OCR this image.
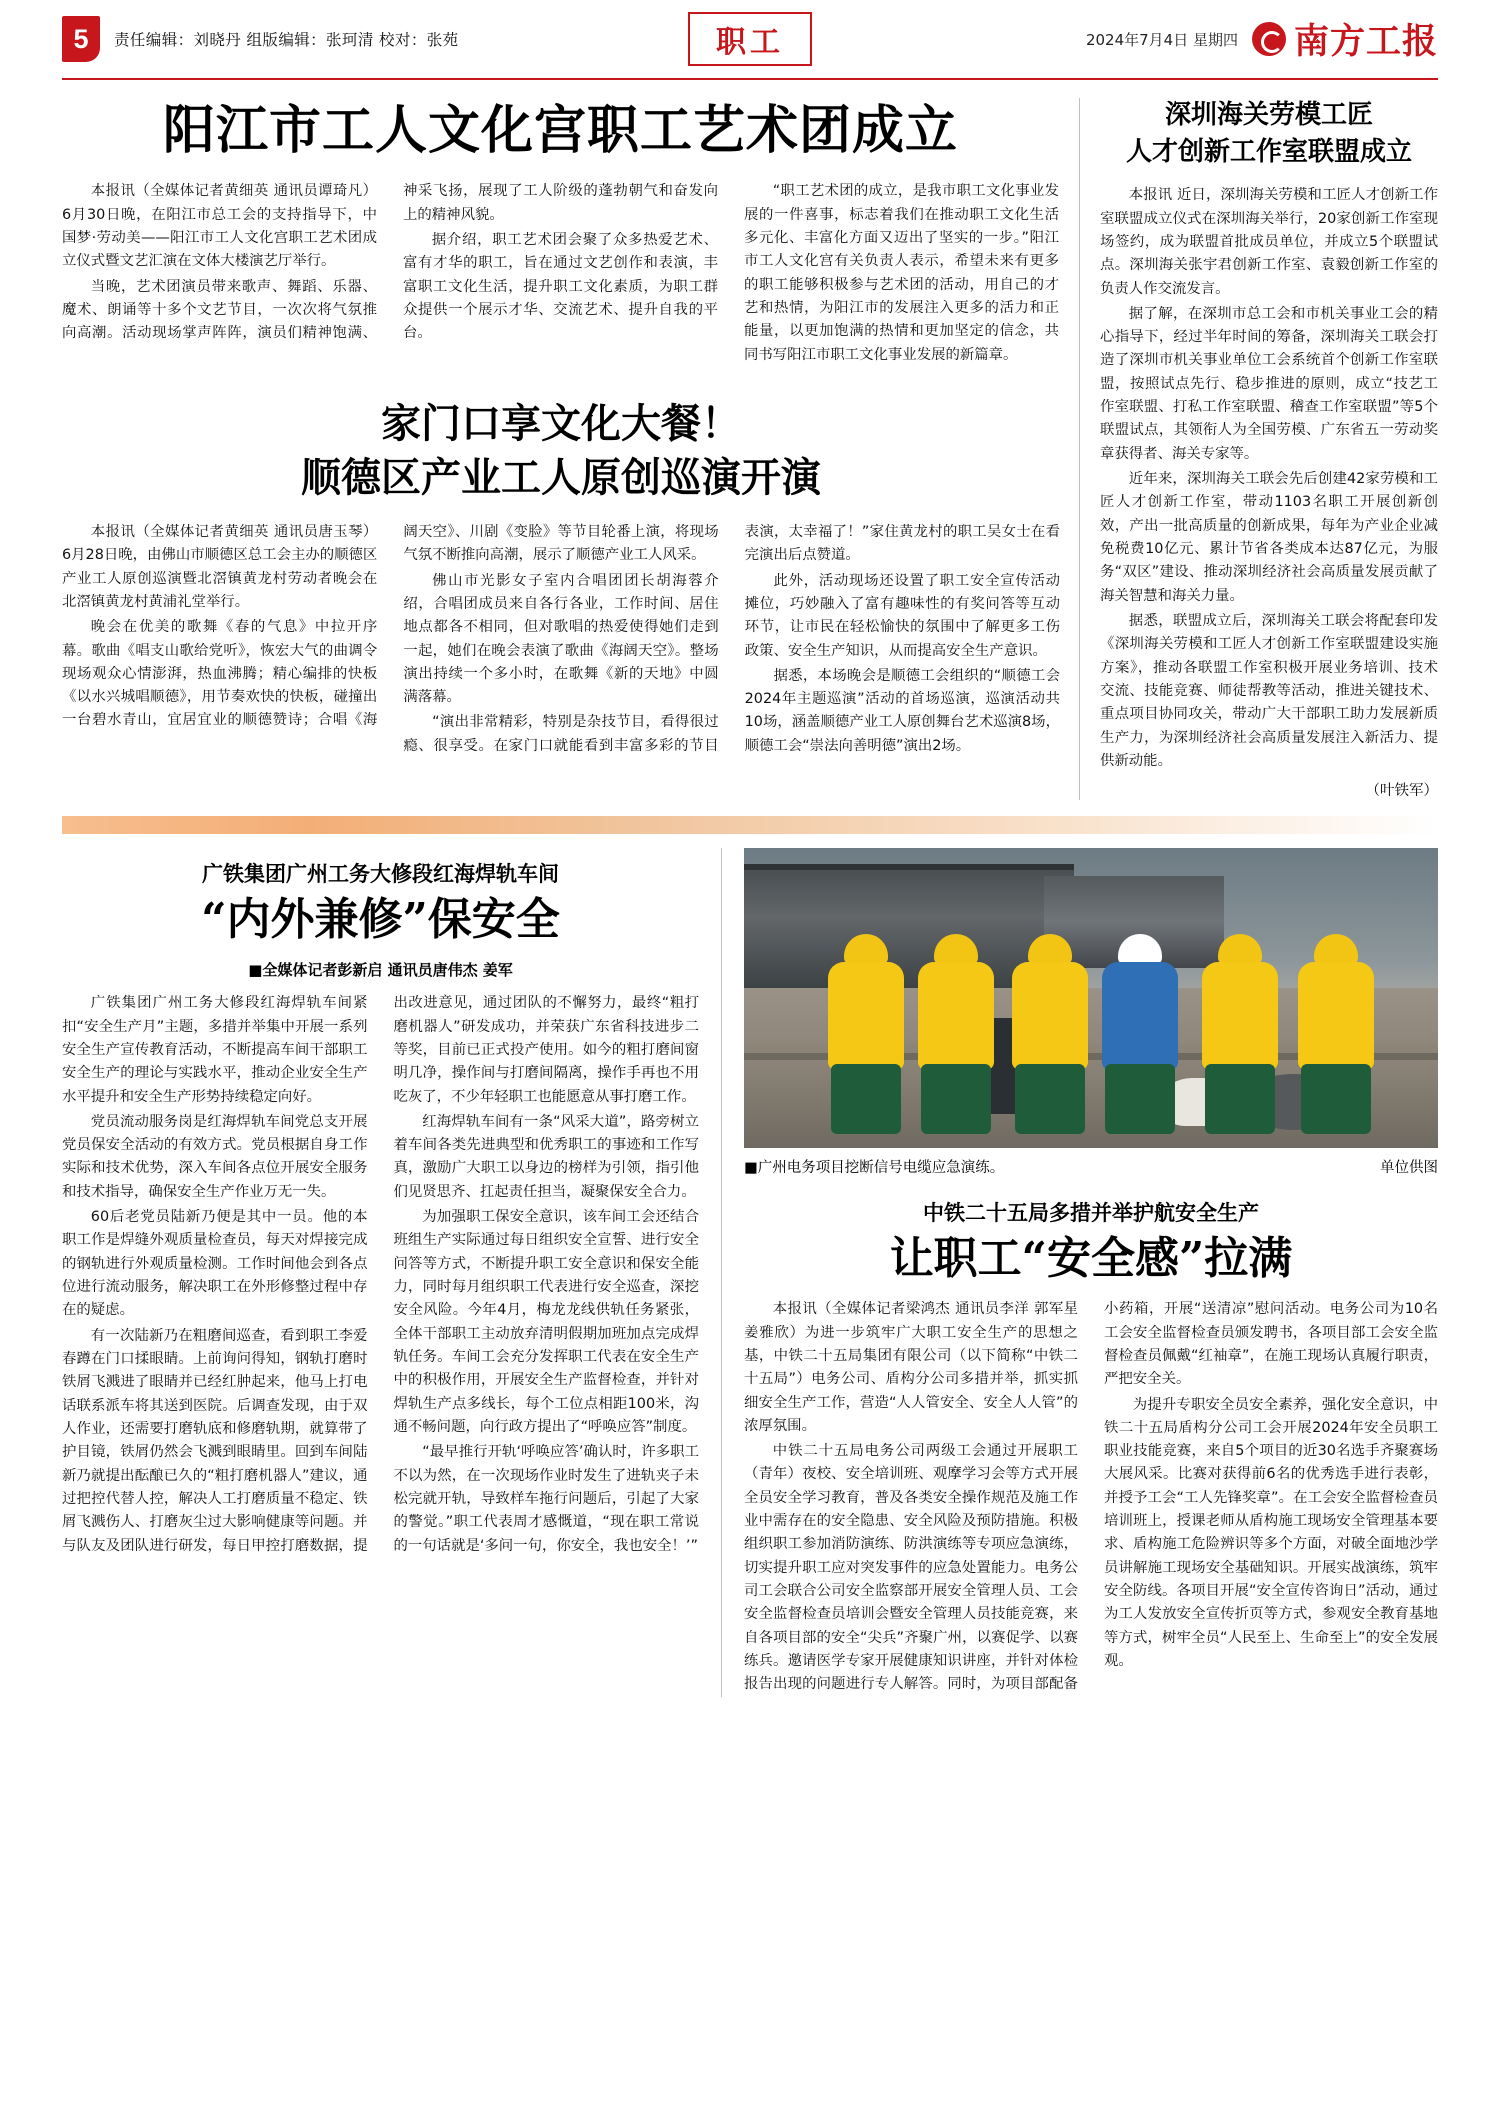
5	责任编辑：刘晓丹 组版编辑：张珂清 校对：张苑	职工	2024年7月4日 星期四 南方工报
阳江市工人文化宫职工艺术团成立

本报讯（全媒体记者黄细英 通讯员谭琦凡）6月30日晚，在阳江市总工会的支持指导下，中国梦·劳动美——阳江市工人文化宫职工艺术团成立仪式暨文艺汇演在文体大楼演艺厅举行。

当晚，艺术团演员带来歌声、舞蹈、乐器、魔术、朗诵等十多个文艺节目，一次次将气氛推向高潮。活动现场掌声阵阵，演员们精神饱满、神采飞扬，展现了工人阶级的蓬勃朝气和奋发向上的精神风貌。

据介绍，职工艺术团会聚了众多热爱艺术、富有才华的职工，旨在通过文艺创作和表演，丰富职工文化生活，提升职工文化素质，为职工群众提供一个展示才华、交流艺术、提升自我的平台。

“职工艺术团的成立，是我市职工文化事业发展的一件喜事，标志着我们在推动职工文化生活多元化、丰富化方面又迈出了坚实的一步。”阳江市工人文化宫有关负责人表示，希望未来有更多的职工能够积极参与艺术团的活动，用自己的才艺和热情，为阳江市的发展注入更多的活力和正能量，以更加饱满的热情和更加坚定的信念，共同书写阳江市职工文化事业发展的新篇章。

家门口享文化大餐！
顺德区产业工人原创巡演开演

本报讯（全媒体记者黄细英 通讯员唐玉琴）6月28日晚，由佛山市顺德区总工会主办的顺德区产业工人原创巡演暨北滘镇黄龙村劳动者晚会在北滘镇黄龙村黄浦礼堂举行。

晚会在优美的歌舞《春的气息》中拉开序幕。歌曲《唱支山歌给党听》，恢宏大气的曲调令现场观众心情澎湃，热血沸腾；精心编排的快板《以水兴城唱顺德》，用节奏欢快的快板，碰撞出一台碧水青山，宜居宜业的顺德赞诗；合唱《海阔天空》、川剧《变脸》等节目轮番上演，将现场气氛不断推向高潮，展示了顺德产业工人风采。

佛山市光影女子室内合唱团团长胡海蓉介绍，合唱团成员来自各行各业，工作时间、居住地点都各不相同，但对歌唱的热爱使得她们走到一起，她们在晚会表演了歌曲《海阔天空》。整场演出持续一个多小时，在歌舞《新的天地》中圆满落幕。

“演出非常精彩，特别是杂技节目，看得很过瘾、很享受。在家门口就能看到丰富多彩的节目表演，太幸福了！”家住黄龙村的职工吴女士在看完演出后点赞道。

此外，活动现场还设置了职工安全宣传活动摊位，巧妙融入了富有趣味性的有奖问答等互动环节，让市民在轻松愉快的氛围中了解更多工伤政策、安全生产知识，从而提高安全生产意识。

据悉，本场晚会是顺德工会组织的“顺德工会2024年主题巡演”活动的首场巡演，巡演活动共10场，涵盖顺德产业工人原创舞台艺术巡演8场，顺德工会“崇法向善明德”演出2场。

深圳海关劳模工匠
人才创新工作室联盟成立

本报讯 近日，深圳海关劳模和工匠人才创新工作室联盟成立仪式在深圳海关举行，20家创新工作室现场签约，成为联盟首批成员单位，并成立5个联盟试点。深圳海关张宇君创新工作室、袁毅创新工作室的负责人作交流发言。

据了解，在深圳市总工会和市机关事业工会的精心指导下，经过半年时间的筹备，深圳海关工联会打造了深圳市机关事业单位工会系统首个创新工作室联盟，按照试点先行、稳步推进的原则，成立“技艺工作室联盟、打私工作室联盟、稽查工作室联盟”等5个联盟试点，其领衔人为全国劳模、广东省五一劳动奖章获得者、海关专家等。

近年来，深圳海关工联会先后创建42家劳模和工匠人才创新工作室，带动1103名职工开展创新创效，产出一批高质量的创新成果，每年为产业企业减免税费10亿元、累计节省各类成本达87亿元，为服务“双区”建设、推动深圳经济社会高质量发展贡献了海关智慧和海关力量。

据悉，联盟成立后，深圳海关工联会将配套印发《深圳海关劳模和工匠人才创新工作室联盟建设实施方案》，推动各联盟工作室积极开展业务培训、技术交流、技能竞赛、师徒帮教等活动，推进关键技术、重点项目协同攻关，带动广大干部职工助力发展新质生产力，为深圳经济社会高质量发展注入新活力、提供新动能。

（叶铁军）
广铁集团广州工务大修段红海焊轨车间
“内外兼修”保安全
■全媒体记者彭新启 通讯员唐伟杰 姜军

广铁集团广州工务大修段红海焊轨车间紧扣“安全生产月”主题，多措并举集中开展一系列安全生产宣传教育活动，不断提高车间干部职工安全生产的理论与实践水平，推动企业安全生产水平提升和安全生产形势持续稳定向好。

党员流动服务岗是红海焊轨车间党总支开展党员保安全活动的有效方式。党员根据自身工作实际和技术优势，深入车间各点位开展安全服务和技术指导，确保安全生产作业万无一失。

60后老党员陆新乃便是其中一员。他的本职工作是焊缝外观质量检查员，每天对焊接完成的钢轨进行外观质量检测。工作时间他会到各点位进行流动服务，解决职工在外形修整过程中存在的疑虑。

有一次陆新乃在粗磨间巡查，看到职工李爱春蹲在门口揉眼睛。上前询问得知，钢轨打磨时铁屑飞溅进了眼睛并已经红肿起来，他马上打电话联系派车将其送到医院。后调查发现，由于双人作业，还需要打磨轨底和修磨轨期，就算带了护目镜，铁屑仍然会飞溅到眼睛里。回到车间陆新乃就提出酝酿已久的“粗打磨机器人”建议，通过把控代替人控，解决人工打磨质量不稳定、铁屑飞溅伤人、打磨灰尘过大影响健康等问题。并与队友及团队进行研发，每日甲控打磨数据，提出改进意见，通过团队的不懈努力，最终“粗打磨机器人”研发成功，并荣获广东省科技进步二等奖，目前已正式投产使用。如今的粗打磨间窗明几净，操作间与打磨间隔离，操作手再也不用吃灰了，不少年轻职工也能愿意从事打磨工作。

红海焊轨车间有一条“风采大道”，路旁树立着车间各类先进典型和优秀职工的事迹和工作写真，激励广大职工以身边的榜样为引领，指引他们见贤思齐、扛起责任担当，凝聚保安全合力。

为加强职工保安全意识，该车间工会还结合班组生产实际通过每日组织安全宣誓、进行安全问答等方式，不断提升职工安全意识和保安全能力，同时每月组织职工代表进行安全巡查，深挖安全风险。今年4月，梅龙龙线供轨任务紧张，全体干部职工主动放弃清明假期加班加点完成焊轨任务。车间工会充分发挥职工代表在安全生产中的积极作用，开展安全生产监督检查，并针对焊轨生产点多线长，每个工位点相距100米，沟通不畅问题，向行政方提出了“呼唤应答”制度。

“最早推行开轨‘呼唤应答’确认时，许多职工不以为然，在一次现场作业时发生了进轨夹子未松完就开轨，导致样车拖行问题后，引起了大家的警觉。”职工代表周才感慨道，“现在职工常说的一句话就是‘多问一句，你安全，我也安全！’”

■广州电务项目挖断信号电缆应急演练。	单位供图
中铁二十五局多措并举护航安全生产
让职工“安全感”拉满

本报讯（全媒体记者梁鸿杰 通讯员李洋 郭军星 姜雅欣）为进一步筑牢广大职工安全生产的思想之基，中铁二十五局集团有限公司（以下简称“中铁二十五局”）电务公司、盾构分公司多措并举，抓实抓细安全生产工作，营造“人人管安全、安全人人管”的浓厚氛围。

中铁二十五局电务公司两级工会通过开展职工（青年）夜校、安全培训班、观摩学习会等方式开展全员安全学习教育，普及各类安全操作规范及施工作业中需存在的安全隐患、安全风险及预防措施。积极组织职工参加消防演练、防洪演练等专项应急演练，切实提升职工应对突发事件的应急处置能力。电务公司工会联合公司安全监察部开展安全管理人员、工会安全监督检查员培训会暨安全管理人员技能竞赛，来自各项目部的安全“尖兵”齐聚广州，以赛促学、以赛练兵。邀请医学专家开展健康知识讲座，并针对体检报告出现的问题进行专人解答。同时，为项目部配备小药箱，开展“送清凉”慰问活动。电务公司为10名工会安全监督检查员颁发聘书，各项目部工会安全监督检查员佩戴“红袖章”，在施工现场认真履行职责，严把安全关。

为提升专职安全员安全素养，强化安全意识，中铁二十五局盾构分公司工会开展2024年安全员职工职业技能竞赛，来自5个项目的近30名选手齐聚赛场大展风采。比赛对获得前6名的优秀选手进行表彰，并授予工会“工人先锋奖章”。在工会安全监督检查员培训班上，授课老师从盾构施工现场安全管理基本要求、盾构施工危险辨识等多个方面，对破全面地沙学员讲解施工现场安全基础知识。开展实战演练，筑牢安全防线。各项目开展“安全宣传咨询日”活动，通过为工人发放安全宣传折页等方式，参观安全教育基地等方式，树牢全员“人民至上、生命至上”的安全发展观。
